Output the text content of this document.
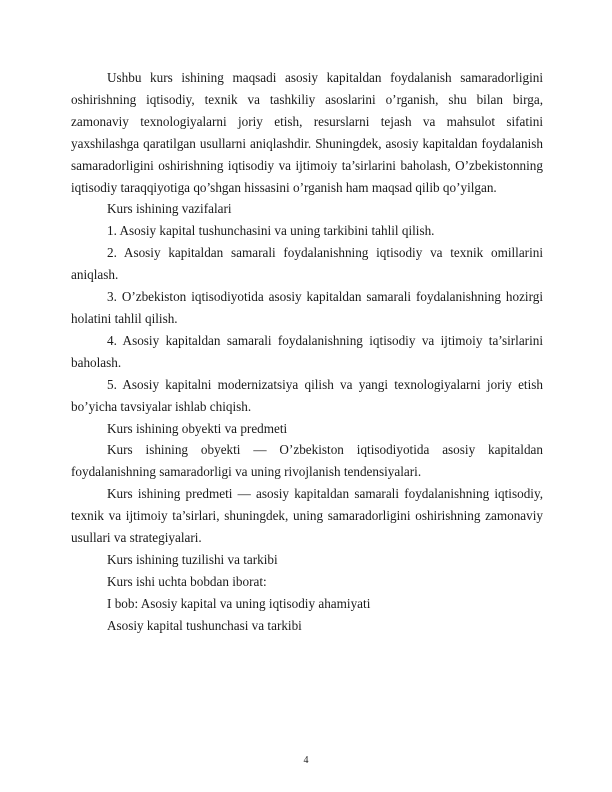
Ushbu kurs ishining maqsadi asosiy kapitaldan foydalanish samaradorligini oshirishning iqtisodiy, texnik va tashkiliy asoslarini o’rganish, shu bilan birga, zamonaviy texnologiyalarni joriy etish, resurslarni tejash va mahsulot sifatini yaxshilashga qaratilgan usullarni aniqlashdir. Shuningdek, asosiy kapitaldan foydalanish samaradorligini oshirishning iqtisodiy va ijtimoiy ta’sirlarini baholash, O’zbekistonning iqtisodiy taraqqiyotiga qo’shgan hissasini o’rganish ham maqsad qilib qo’yilgan.

Kurs ishining vazifalari

1. Asosiy kapital tushunchasini va uning tarkibini tahlil qilish.

2. Asosiy kapitaldan samarali foydalanishning iqtisodiy va texnik omillarini aniqlash.

3. O’zbekiston iqtisodiyotida asosiy kapitaldan samarali foydalanishning hozirgi holatini tahlil qilish.

4. Asosiy kapitaldan samarali foydalanishning iqtisodiy va ijtimoiy ta’sirlarini baholash.

5. Asosiy kapitalni modernizatsiya qilish va yangi texnologiyalarni joriy etish bo’yicha tavsiyalar ishlab chiqish.

Kurs ishining obyekti va predmeti

Kurs ishining obyekti — O’zbekiston iqtisodiyotida asosiy kapitaldan foydalanishning samaradorligi va uning rivojlanish tendensiyalari.

Kurs ishining predmeti — asosiy kapitaldan samarali foydalanishning iqtisodiy, texnik va ijtimoiy ta’sirlari, shuningdek, uning samaradorligini oshirishning zamonaviy usullari va strategiyalari.

Kurs ishining tuzilishi va tarkibi

Kurs ishi uchta bobdan iborat:

I bob: Asosiy kapital va uning iqtisodiy ahamiyati

Asosiy kapital tushunchasi va tarkibi

4
